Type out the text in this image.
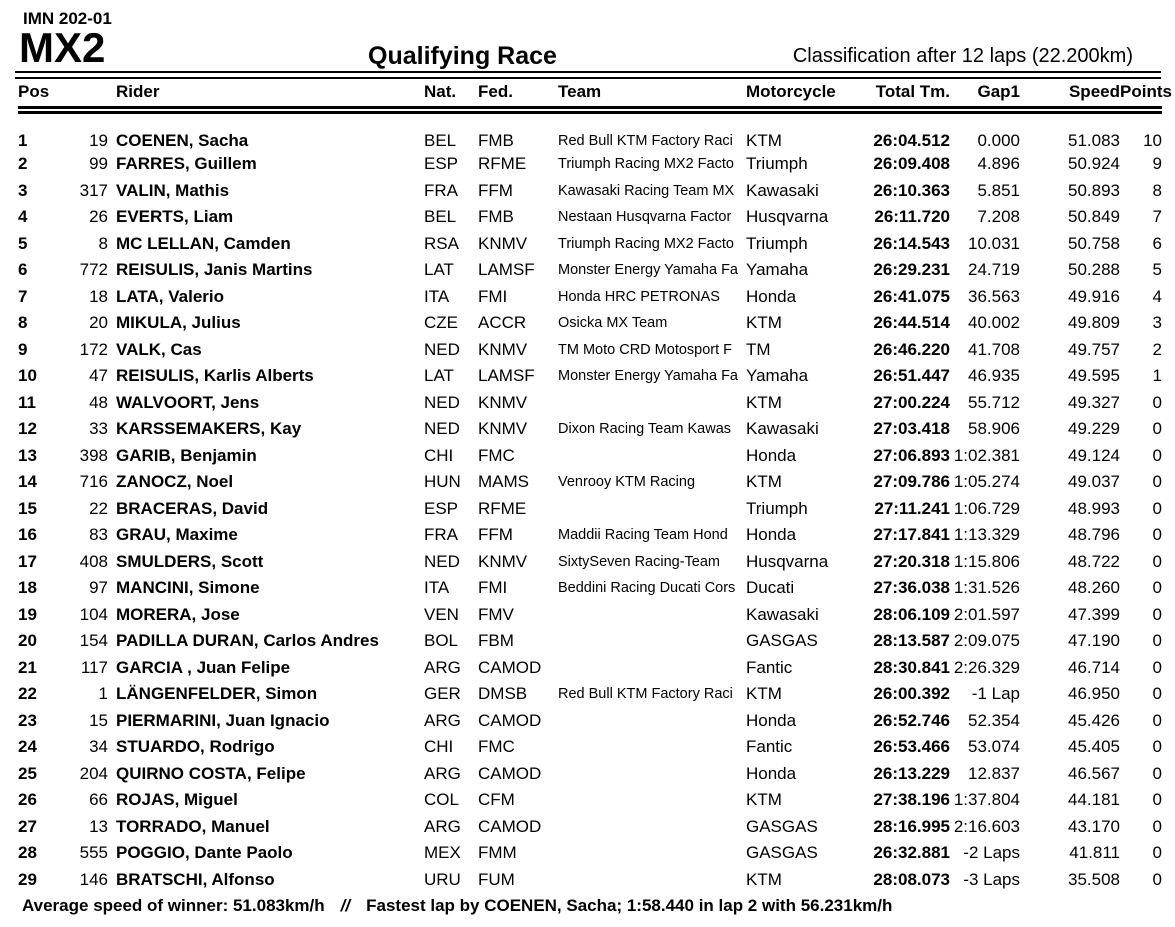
IMN 202-01
MX2	Qualifying Race	Classification after 12 laps (22.200km)
Pos	Rider		Nat.	Fed.	Team	Motorcycle	Total Tm.	Gap1	Speed	Points
1	19	COENEN, Sacha	BEL	FMB	Red Bull KTM Factory Raci	KTM	26:04.512	0.000	51.083	10
2	99	FARRES, Guillem	ESP	RFME	Triumph Racing MX2 Facto	Triumph	26:09.408	4.896	50.924	9
3	317	VALIN, Mathis	FRA	FFM	Kawasaki Racing Team MX	Kawasaki	26:10.363	5.851	50.893	8
4	26	EVERTS, Liam	BEL	FMB	Nestaan Husqvarna Factor	Husqvarna	26:11.720	7.208	50.849	7
5	8	MC LELLAN, Camden	RSA	KNMV	Triumph Racing MX2 Facto	Triumph	26:14.543	10.031	50.758	6
6	772	REISULIS, Janis Martins	LAT	LAMSF	Monster Energy Yamaha Fa	Yamaha	26:29.231	24.719	50.288	5
7	18	LATA, Valerio	ITA	FMI	Honda HRC PETRONAS	Honda	26:41.075	36.563	49.916	4
8	20	MIKULA, Julius	CZE	ACCR	Osicka MX Team	KTM	26:44.514	40.002	49.809	3
9	172	VALK, Cas	NED	KNMV	TM Moto CRD Motosport F	TM	26:46.220	41.708	49.757	2
10	47	REISULIS, Karlis Alberts	LAT	LAMSF	Monster Energy Yamaha Fa	Yamaha	26:51.447	46.935	49.595	1
11	48	WALVOORT, Jens	NED	KNMV		KTM	27:00.224	55.712	49.327	0
12	33	KARSSEMAKERS, Kay	NED	KNMV	Dixon Racing Team Kawas	Kawasaki	27:03.418	58.906	49.229	0
13	398	GARIB, Benjamin	CHI	FMC		Honda	27:06.893	1:02.381	49.124	0
14	716	ZANOCZ, Noel	HUN	MAMS	Venrooy KTM Racing	KTM	27:09.786	1:05.274	49.037	0
15	22	BRACERAS, David	ESP	RFME		Triumph	27:11.241	1:06.729	48.993	0
16	83	GRAU, Maxime	FRA	FFM	Maddii Racing Team Hond	Honda	27:17.841	1:13.329	48.796	0
17	408	SMULDERS, Scott	NED	KNMV	SixtySeven Racing-Team	Husqvarna	27:20.318	1:15.806	48.722	0
18	97	MANCINI, Simone	ITA	FMI	Beddini Racing Ducati Cors	Ducati	27:36.038	1:31.526	48.260	0
19	104	MORERA, Jose	VEN	FMV		Kawasaki	28:06.109	2:01.597	47.399	0
20	154	PADILLA DURAN, Carlos Andres	BOL	FBM		GASGAS	28:13.587	2:09.075	47.190	0
21	117	GARCIA , Juan Felipe	ARG	CAMOD		Fantic	28:30.841	2:26.329	46.714	0
22	1	LÄNGENFELDER, Simon	GER	DMSB	Red Bull KTM Factory Raci	KTM	26:00.392	-1 Lap	46.950	0
23	15	PIERMARINI, Juan Ignacio	ARG	CAMOD		Honda	26:52.746	52.354	45.426	0
24	34	STUARDO, Rodrigo	CHI	FMC		Fantic	26:53.466	53.074	45.405	0
25	204	QUIRNO COSTA, Felipe	ARG	CAMOD		Honda	26:13.229	12.837	46.567	0
26	66	ROJAS, Miguel	COL	CFM		KTM	27:38.196	1:37.804	44.181	0
27	13	TORRADO, Manuel	ARG	CAMOD		GASGAS	28:16.995	2:16.603	43.170	0
28	555	POGGIO, Dante Paolo	MEX	FMM		GASGAS	26:32.881	-2 Laps	41.811	0
29	146	BRATSCHI, Alfonso	URU	FUM		KTM	28:08.073	-3 Laps	35.508	0
Average speed of winner: 51.083km/h // Fastest lap by COENEN, Sacha; 1:58.440 in lap 2 with 56.231km/h
